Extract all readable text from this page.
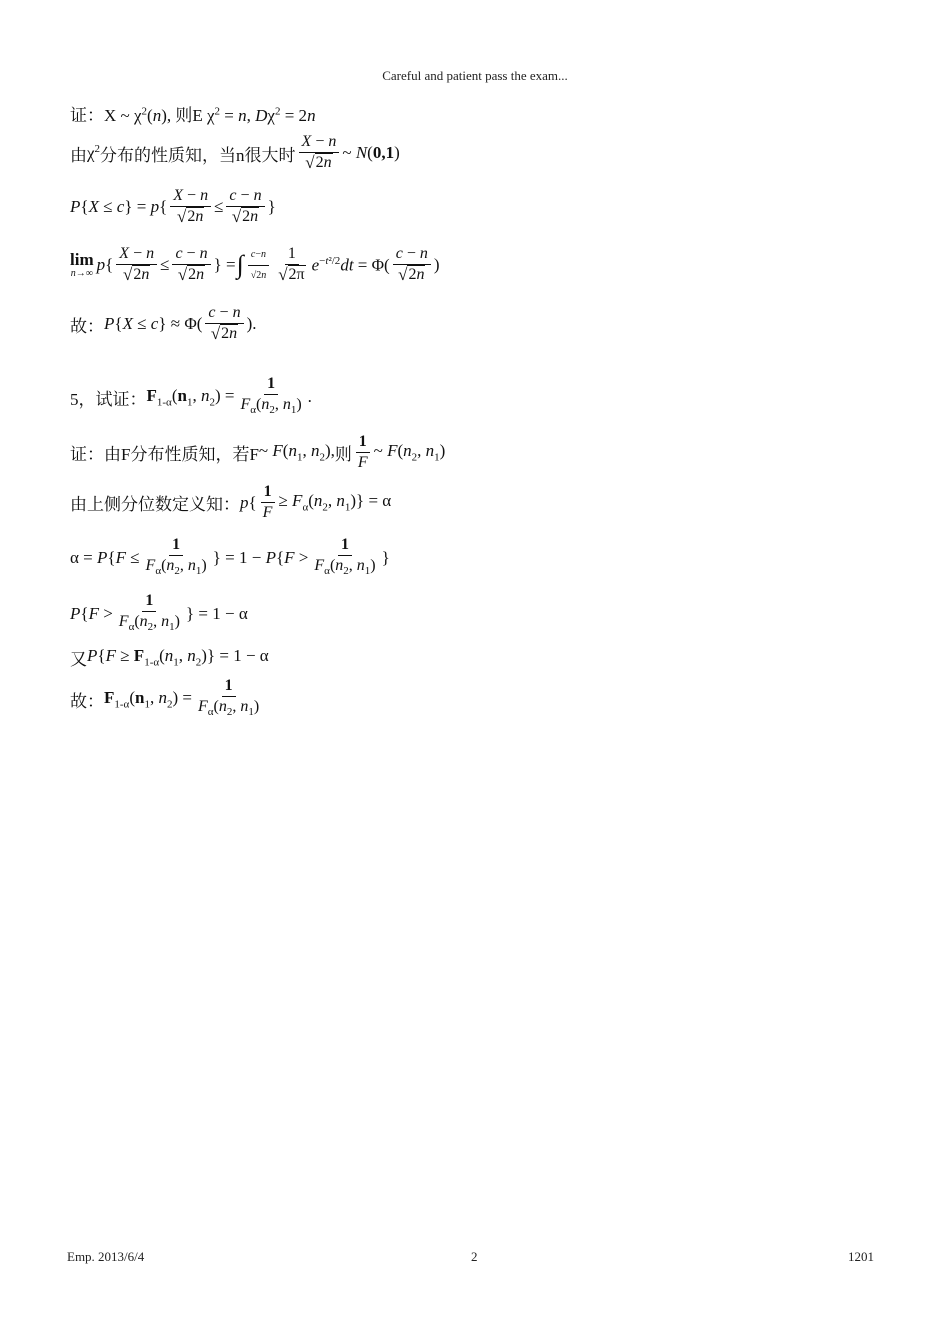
Careful and patient pass the exam...
证： X ~ $\chi^2(n)$, 则E $\chi^2 = n$, $D\chi^2 = 2n$
由 $\chi^2$ 分布的性质知，当n很大时 $\frac{X - n}{√ 2n}$ ~ N(0,1)
$P\{X \le c\} = p\{ \frac{X - n}{√ 2n} \le \frac{c - n}{√ 2n}$ }
lim
n→∞ $p\{ \frac{X - n}{√ 2n} \le \frac{c - n}{√ 2n}$ } = ∫ $\frac{c-n}{√2n} \frac{1}{√ 2\pi} e^{-t^2/2}dt = \Phi( \frac{c - n}{√ 2n}$ )
故： $P\{X \le c\} \approx \Phi( \frac{c - n}{√ 2n}$ ).
5， 试证： $F_{1-\alpha}(n_1$, $n_2) = \frac{1}{F_\alpha(n_2, n_1)}$ .
证：由F分布性质知，若F ~ $F(n_1$, $n_2$), 则 $\frac{1}{F}$ ~ $F(n_2$, $n_1$)
由上侧分位数定义知： $p\{ \frac{1}{F} \ge F_\alpha(n_2$, $n_1)\} = \alpha$
$\alpha = P\{F \le \frac{1}{F_\alpha(n_2, n_1)}$ } = $1 - P\{F > \frac{1}{F_\alpha(n_2, n_1)}$ }
$P\{F > \frac{1}{F_\alpha(n_2, n_1)}$ } = 1 − α
又 $P\{F \ge F_{1-\alpha}(n_1$, $n_2)\} = 1 - \alpha$
故： $F_{1-\alpha}(n_1$, $n_2) = \frac{1}{F_\alpha(n_2, n_1)}$
Emp. 2013/6/4	2	1201
